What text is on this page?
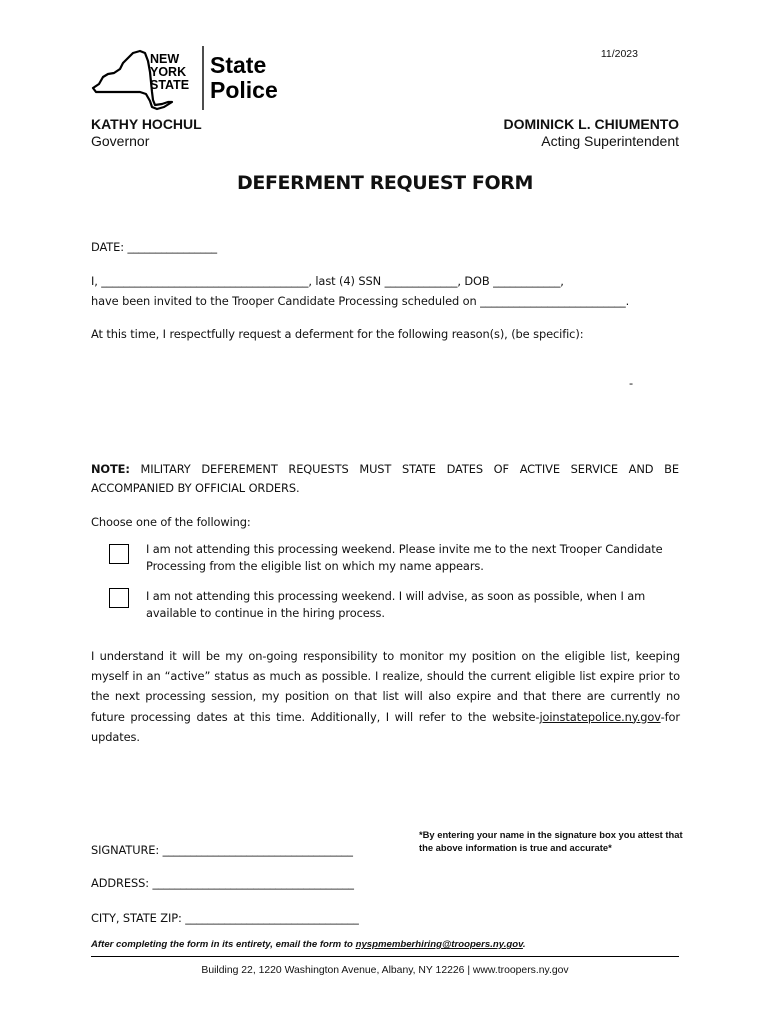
11/2023
NEW
YORK
STATE
State
Police
KATHY HOCHUL
Governor
DOMINICK L. CHIUMENTO
Acting Superintendent
DEFERMENT REQUEST FORM
DATE: ________________
I, _____________________________________, last (4) SSN _____________, DOB ____________,
have been invited to the Trooper Candidate Processing scheduled on __________________________.
At this time, I respectfully request a deferment for the following reason(s), (be specific):
-
NOTE: MILITARY DEFEREMENT REQUESTS MUST STATE DATES OF ACTIVE SERVICE AND BE ACCOMPANIED BY OFFICIAL ORDERS.
Choose one of the following:
I am not attending this processing weekend. Please invite me to the next Trooper Candidate Processing from the eligible list on which my name appears.
I am not attending this processing weekend. I will advise, as soon as possible, when I am available to continue in the hiring process.
I understand it will be my on-going responsibility to monitor my position on the eligible list, keeping myself in an “active” status as much as possible. I realize, should the current eligible list expire prior to the next processing session, my position on that list will also expire and that there are currently no future processing dates at this time. Additionally, I will refer to the website-joinstatepolice.ny.gov-for updates.
SIGNATURE: __________________________________
*By entering your name in the signature box you attest that the above information is true and accurate*
ADDRESS: ____________________________________
CITY, STATE ZIP: _______________________________
After completing the form in its entirety, email the form to nyspmemberhiring@troopers.ny.gov.
Building 22, 1220 Washington Avenue, Albany, NY 12226 | www.troopers.ny.gov
